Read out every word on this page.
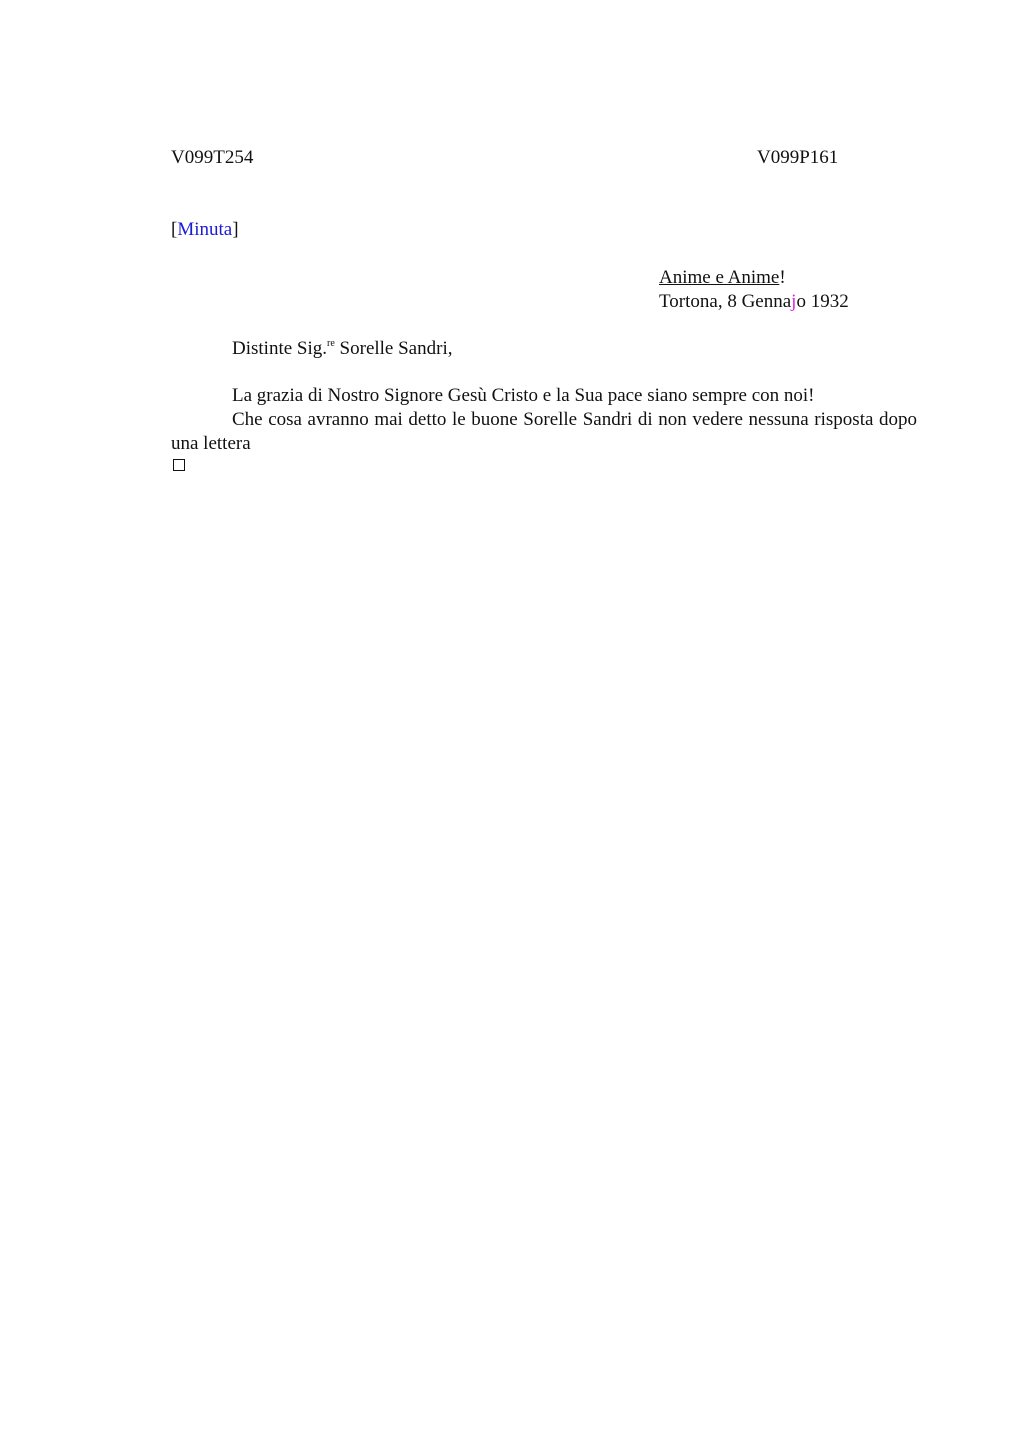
V099T254	V099P161
[Minuta]
Anime e Anime!
Tortona, 8 Gennajo 1932
Distinte Sig.$^{re}$ Sorelle Sandri,
La grazia di Nostro Signore Gesù Cristo e la Sua pace siano sempre con noi!
Che cosa avranno mai detto le buone Sorelle Sandri di non vedere nessuna risposta dopo una lettera
